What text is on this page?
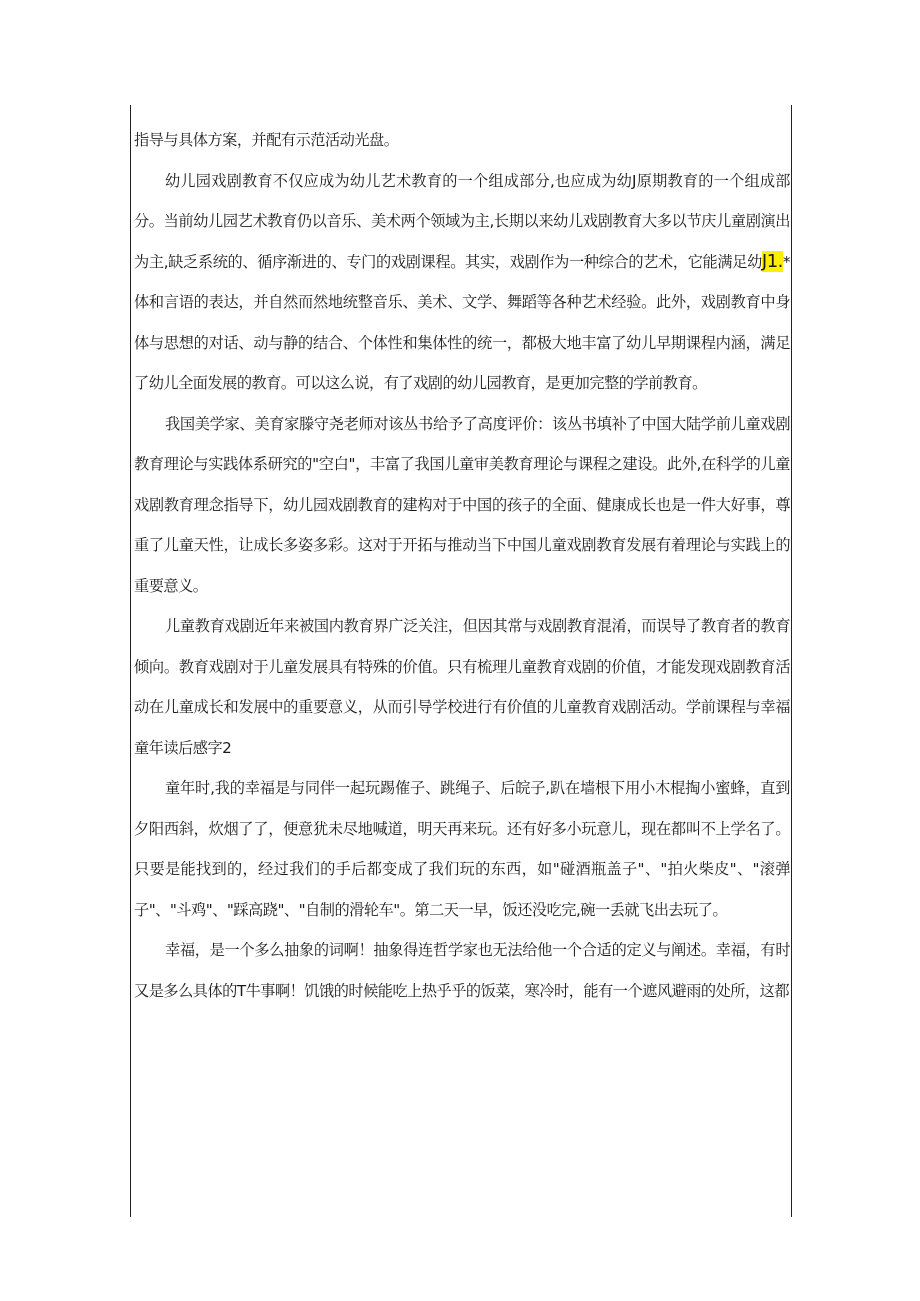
指导与具体方案，并配有示范活动光盘。

幼儿园戏剧教育不仅应成为幼儿艺术教育的一个组成部分,也应成为幼J原期教育的一个组成部分。当前幼儿园艺术教育仍以音乐、美术两个领域为主,长期以来幼儿戏剧教育大多以节庆儿童剧演出为主,缺乏系统的、循序渐进的、专门的戏剧课程。其实，戏剧作为一种综合的艺术，它能满足幼J1.*体和言语的表达，并自然而然地统整音乐、美术、文学、舞蹈等各种艺术经验。此外，戏剧教育中身体与思想的对话、动与静的结合、个体性和集体性的统一，都极大地丰富了幼儿早期课程内涵，满足了幼儿全面发展的教育。可以这么说，有了戏剧的幼儿园教育，是更加完整的学前教育。

我国美学家、美育家滕守尧老师对该丛书给予了高度评价：该丛书填补了中国大陆学前儿童戏剧教育理论与实践体系研究的"空白"，丰富了我国儿童审美教育理论与课程之建设。此外,在科学的儿童戏剧教育理念指导下，幼儿园戏剧教育的建构对于中国的孩子的全面、健康成长也是一件大好事，尊重了儿童天性，让成长多姿多彩。这对于开拓与推动当下中国儿童戏剧教育发展有着理论与实践上的重要意义。

儿童教育戏剧近年来被国内教育界广泛关注，但因其常与戏剧教育混淆，而误导了教育者的教育倾向。教育戏剧对于儿童发展具有特殊的价值。只有梳理儿童教育戏剧的价值，才能发现戏剧教育活动在儿童成长和发展中的重要意义，从而引导学校进行有价值的儿童教育戏剧活动。学前课程与幸福童年读后感字2

童年时,我的幸福是与同伴一起玩踢傕子、跳绳子、后皖子,趴在墙根下用小木棍掏小蜜蜂，直到夕阳西斜，炊烟了了，便意犹未尽地喊道，明天再来玩。还有好多小玩意儿，现在都叫不上学名了。只要是能找到的，经过我们的手后都变成了我们玩的东西，如"碰酒瓶盖子"、"拍火柴皮"、"滚弹子"、"斗鸡"、"踩高跷"、"自制的滑轮车"。第二天一早，饭还没吃完,碗一丢就飞出去玩了。

幸福，是一个多么抽象的词啊！抽象得连哲学家也无法给他一个合适的定义与阐述。幸福，有时又是多么具体的T牛事啊！饥饿的时候能吃上热乎乎的饭菜，寒冷时，能有一个遮风避雨的处所，这都
